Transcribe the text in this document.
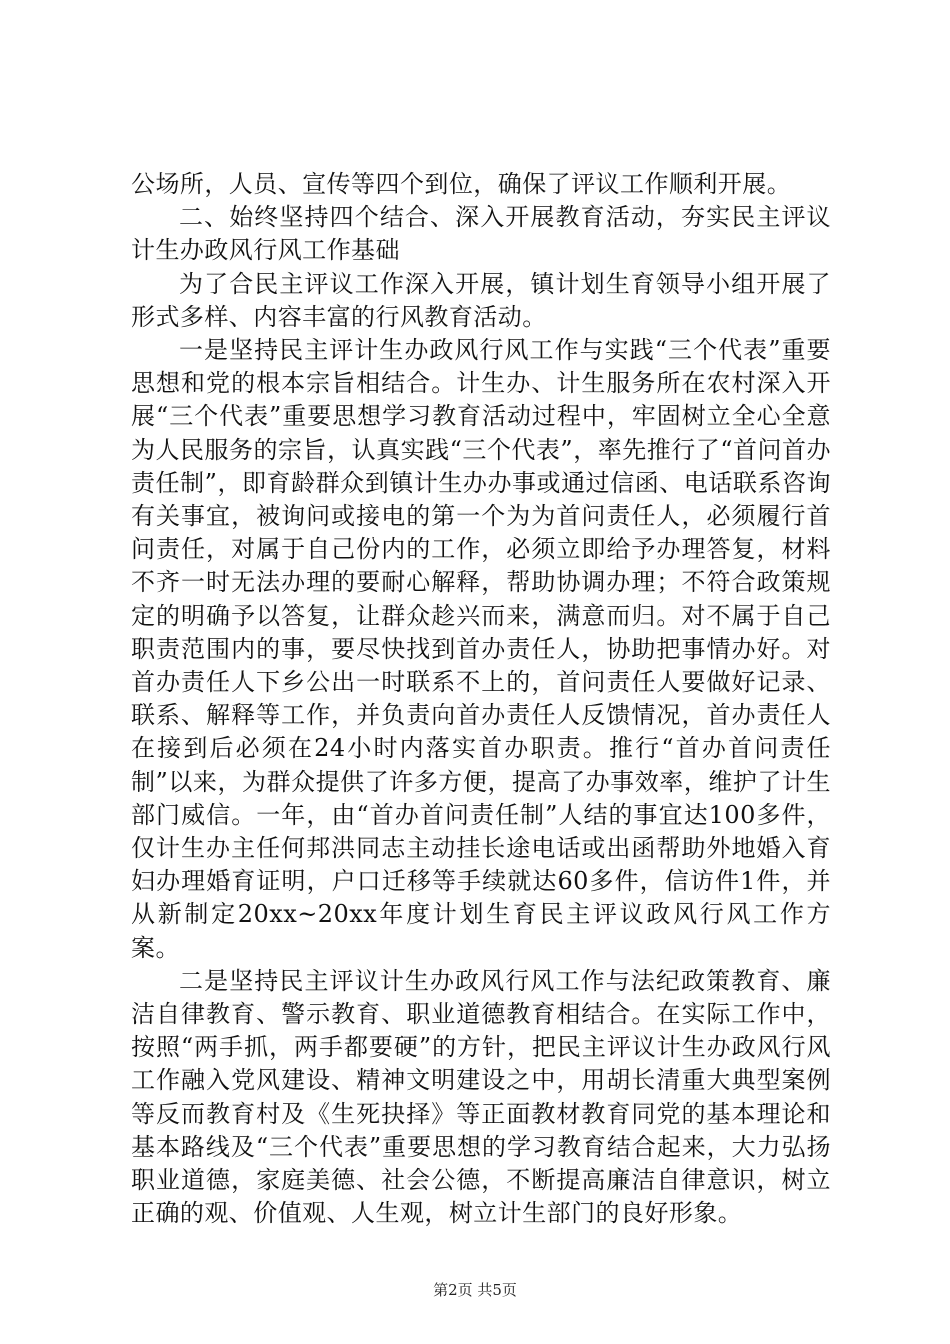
公场所，人员、宣传等四个到位，确保了评议工作顺利开展。

二、始终坚持四个结合、深入开展教育活动，夯实民主评议计生办政风行风工作基础

为了合民主评议工作深入开展，镇计划生育领导小组开展了形式多样、内容丰富的行风教育活动。

一是坚持民主评计生办政风行风工作与实践“三个代表”重要思想和党的根本宗旨相结合。计生办、计生服务所在农村深入开展“三个代表”重要思想学习教育活动过程中，牢固树立全心全意为人民服务的宗旨，认真实践“三个代表”，率先推行了“首问首办责任制”，即育龄群众到镇计生办办事或通过信函、电话联系咨询有关事宜，被询问或接电的第一个为为首问责任人，必须履行首问责任，对属于自己份内的工作，必须立即给予办理答复，材料不齐一时无法办理的要耐心解释，帮助协调办理；不符合政策规定的明确予以答复，让群众趁兴而来，满意而归。对不属于自己职责范围内的事，要尽快找到首办责任人，协助把事情办好。对首办责任人下乡公出一时联系不上的，首问责任人要做好记录、联系、解释等工作，并负责向首办责任人反馈情况，首办责任人在接到后必须在24小时内落实首办职责。推行“首办首问责任制”以来，为群众提供了许多方便，提高了办事效率，维护了计生部门威信。一年，由“首办首问责任制”人结的事宜达100多件，仅计生办主任何邦洪同志主动挂长途电话或出函帮助外地婚入育妇办理婚育证明，户口迁移等手续就达60多件，信访件1件，并从新制定20xx~20xx年度计划生育民主评议政风行风工作方案。

二是坚持民主评议计生办政风行风工作与法纪政策教育、廉洁自律教育、警示教育、职业道德教育相结合。在实际工作中，按照“两手抓，两手都要硬”的方针，把民主评议计生办政风行风工作融入党风建设、精神文明建设之中，用胡长清重大典型案例等反而教育村及《生死抉择》等正面教材教育同党的基本理论和基本路线及“三个代表”重要思想的学习教育结合起来，大力弘扬职业道德，家庭美德、社会公德，不断提高廉洁自律意识，树立正确的观、价值观、人生观，树立计生部门的良好形象。

第2页 共5页
